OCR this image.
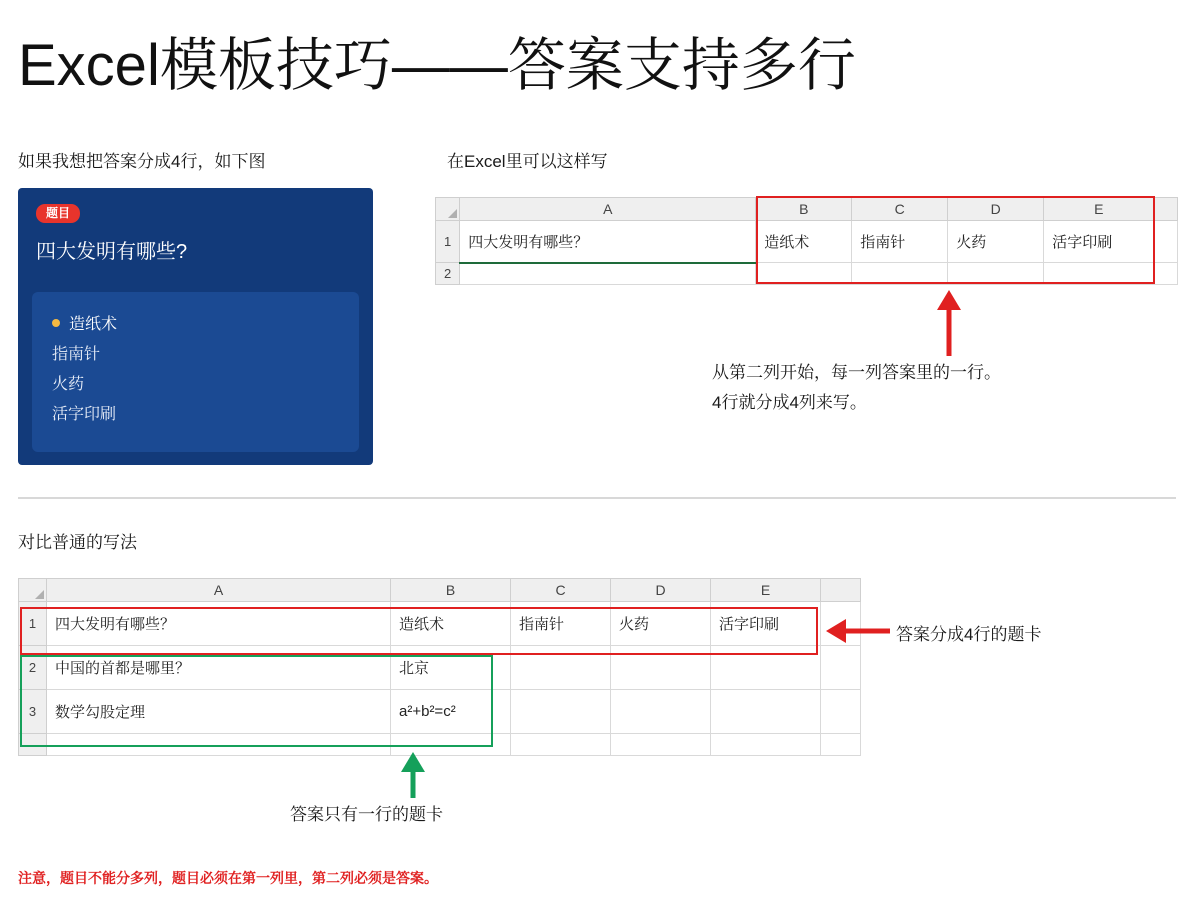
Excel模板技巧——答案支持多行
如果我想把答案分成4行，如下图	在Excel里可以这样写
题目
四大发明有哪些?
造纸术
指南针
火药
活字印刷
	A	B	C	D	E	
1	四大发明有哪些？	造纸术	指南针	火药	活字印刷	
2						
从第二列开始，每一列答案里的一行。
4行就分成4列来写。
对比普通的写法
	A	B	C	D	E	
1	四大发明有哪些？	造纸术	指南针	火药	活字印刷	
2	中国的首都是哪里？	北京				
3	数学勾股定理	a²+b²=c²				

答案分成4行的题卡
答案只有一行的题卡
注意，题目不能分多列，题目必须在第一列里，第二列必须是答案。
